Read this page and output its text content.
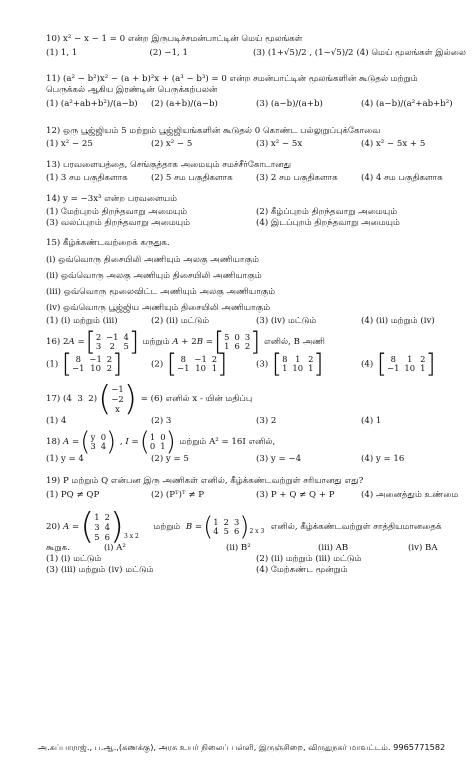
10) x² − x − 1 = 0 என்ற இருபடிச்சமன்பாட்டின் மெய் மூலங்கள்
(1) 1, 1	(2) −1, 1	(3) (1+√5)/2 , (1−√5)/2 (4) மெய் மூலங்கள் இல்லை
11) (a² − b²)x² − (a + b)²x + (a³ − b³) = 0 என்ற சமன்பாட்டின் மூலங்களின் கூடுதல் மற்றும்
பெருக்கல் ஆகிய இரண்டின் பெருக்கற்பலன்
(1) (a²+ab+b²)/(a−b)	(2) (a+b)/(a−b)	(3) (a−b)/(a+b)	(4) (a−b)/(a²+ab+b²)
12) ஒரு பூஜ்ஜியம் 5 மற்றும் பூஜ்ஜியங்களின் கூடுதல் 0 கொண்ட பல்லுறுப்புக்கோவை
(1) x² − 25	(2) x² − 5	(3) x² − 5x	(4) x² − 5x + 5
13) பரவளையத்தை, செங்குத்தாக அமையும் சமச்சீர்கோடானது
(1) 3 சம பகுதிகளாக	(2) 5 சம பகுதிகளாக	(3) 2 சம பகுதிகளாக	(4) 4 சம பகுதிகளாக
14) y = −3x³ என்ற பரவளையம்
(1) மேற்புறம் திறந்தவாறு அமையும்	(2) கீழ்ப்புறம் திறந்தவாறு அமையும்
(3) வலப்புறம் திறந்தவாறு அமையும்	(4) இடப்புறம் திறந்தவாறு அமையும்
15) கீழ்க்கண்டவற்றைக் கருதுக.
(i) ஒவ்வொரு திசையிலி அணியும் அலகு அணியாகும்
(ii) ஒவ்வொரு அலகு அணியும் திசையிலி அணியாகும்
(iii) ஒவ்வொரு மூலைவிட்ட அணியும் அலகு அணியாகும்
(iv) ஒவ்வொரு பூஜ்ஜிய அணியும் திசையிலி அணியாகும்
(1) (i) மற்றும் (iii)	(2) (ii) மட்டும்	(3) (iv) மட்டும்	(4) (ii) மற்றும் (iv)
16) 2 A = [ 2 −1 4
3	2	5 ]
மற்றும்
A + 2 B = [ 5 0 3
1 6 2 ]
எனில், B அணி
(1) [ 8	−1 2
−1 10 2 ]	(2) [ 8	−1 2
−1 10 1 ]	(3) [ 8 1 2
1 10 1 ]	(4) [ 8	1 2
−1 10 1 ]
17)
(4 3 2) ( −1
−2
x )
= (6) எனில் x - யின் மதிப்பு
(1) 4	(2) 3	(3) 2	(4) 1
18)
A = ( y 0
3 4 ) , I = ( 1 0
0 1 )
மற்றும் A² = 16I எனில்,
(1) y = 4	(2) y = 5	(3) y = −4	(4) y = 16
19) P மற்றும் Q என்பன இரு அணிகள் எனில், கீழ்க்கண்டவற்றுள் சரியானது எது?
(1) PQ ≠ QP	(2) (Pᵀ)ᵀ ≠ P	(3) P + Q ≠ Q + P	(4) அனைத்தும் உண்மை
20)
A = ( 1 2
3 4
5 6 ) 3 x 2

மற்றும்
B = ( 1 2 3
4 5 6 ) 2 x 3
எனில், கீழ்க்கண்டவற்றுள் சாத்தியமானதைக்
கூறுக.	(i) A²	(ii) B²	(iii) AB	(iv) BA
(1) (i) மட்டும்	(2) (ii) மற்றும் (iii) மட்டும்
(3) (iii) மற்றும் (iv) மட்டும்	(4) மேற்கண்ட மூன்றும்
அ.சுப்பாராஜ்., ப.ஆ.,(கணக்கு), அரசு உயர் நிலைப் பள்ளி, இருஞ்சிறை, விருதுநகர் மாவட்டம். 9965771582
